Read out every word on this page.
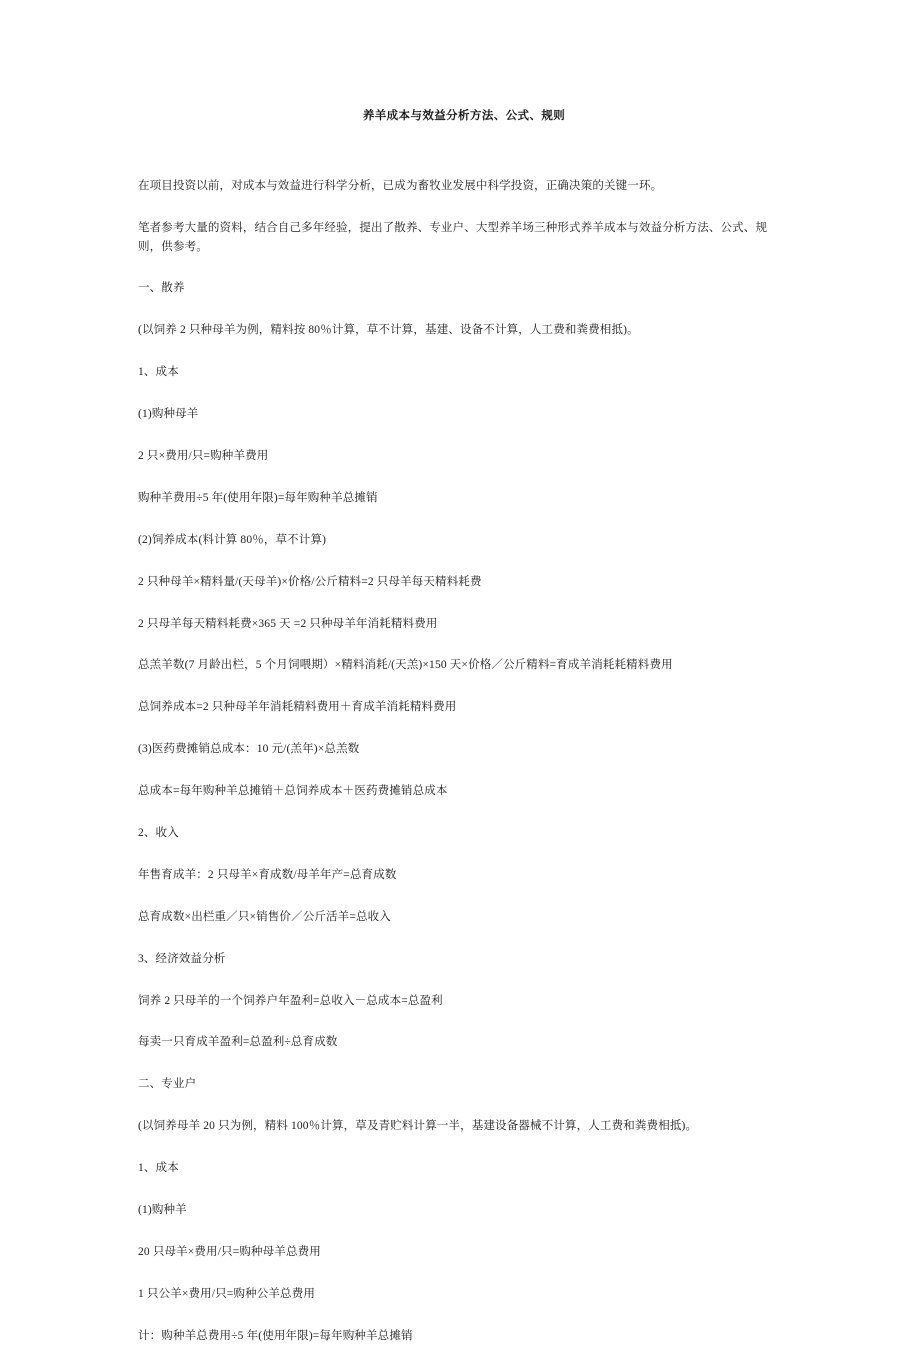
养羊成本与效益分析方法、公式、规则

在项目投资以前，对成本与效益进行科学分析，已成为畜牧业发展中科学投资，正确决策的关键一环。

笔者参考大量的资料，结合自己多年经验，提出了散养、专业户、大型养羊场三种形式养羊成本与效益分析方法、公式、规则，供参考。

一、散养

(以饲养 2 只种母羊为例，精料按 80％计算，草不计算，基建、设备不计算，人工费和粪费相抵)。

1、成本

(1)购种母羊

2 只×费用/只=购种羊费用

购种羊费用÷5 年(使用年限)=每年购种羊总摊销

(2)饲养成本(料计算 80％，草不计算)

2 只种母羊×精料量/(天母羊)×价格/公斤精料=2 只母羊每天精料耗费

2 只母羊每天精料耗费×365 天 =2 只种母羊年消耗精料费用

总羔羊数(7 月龄出栏，5 个月饲喂期）×精料消耗/(天羔)×150 天×价格／公斤精料=育成羊消耗耗精料费用

总饲养成本=2 只种母羊年消耗精料费用＋育成羊消耗精料费用

(3)医药费摊销总成本：10 元/(羔年)×总羔数

总成本=每年购种羊总摊销＋总饲养成本＋医药费摊销总成本

2、收入

年售育成羊：2 只母羊×育成数/母羊年产=总育成数

总育成数×出栏重／只×销售价／公斤活羊=总收入

3、经济效益分析

饲养 2 只母羊的一个饲养户年盈利=总收入－总成本=总盈利

每卖一只育成羊盈利=总盈利÷总育成数

二、专业户

(以饲养母羊 20 只为例，精料 100％计算，草及青贮料计算一半，基建设备器械不计算，人工费和粪费相抵)。

1、成本

(1)购种羊

20 只母羊×费用/只=购种母羊总费用

1 只公羊×费用/只=购种公羊总费用

计：购种羊总费用÷5 年(使用年限)=每年购种羊总摊销
